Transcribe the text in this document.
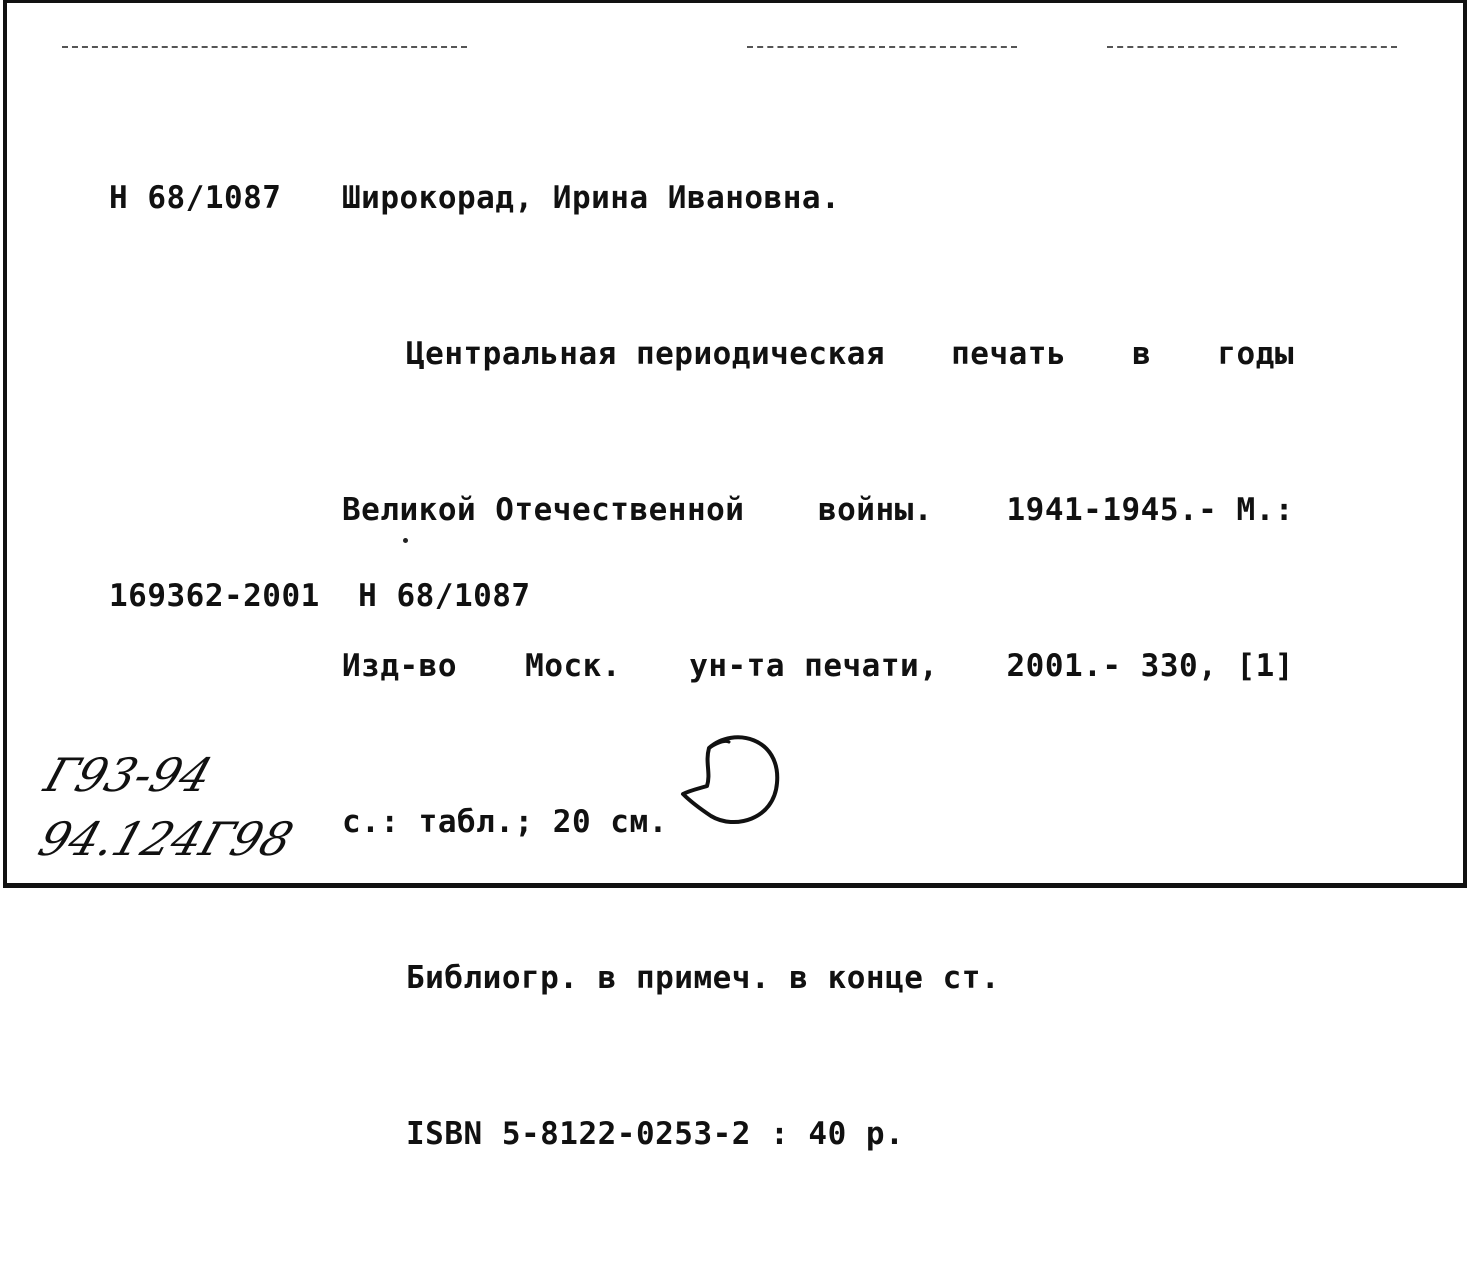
Н 68/1087 Широкорад, Ирина Ивановна.

Центральная периодическая печать в годы

Великой Отечественной войны. 1941-1945.- М.:

Изд-во Моск. ун-та печати, 2001.- 330, [1]

с.: табл.; 20 см.

Библиогр. в примеч. в конце ст.

ISBN 5-8122-0253-2 : 40 р.

169362-2001  Н 68/1087

Г93-94
94.124Г98
